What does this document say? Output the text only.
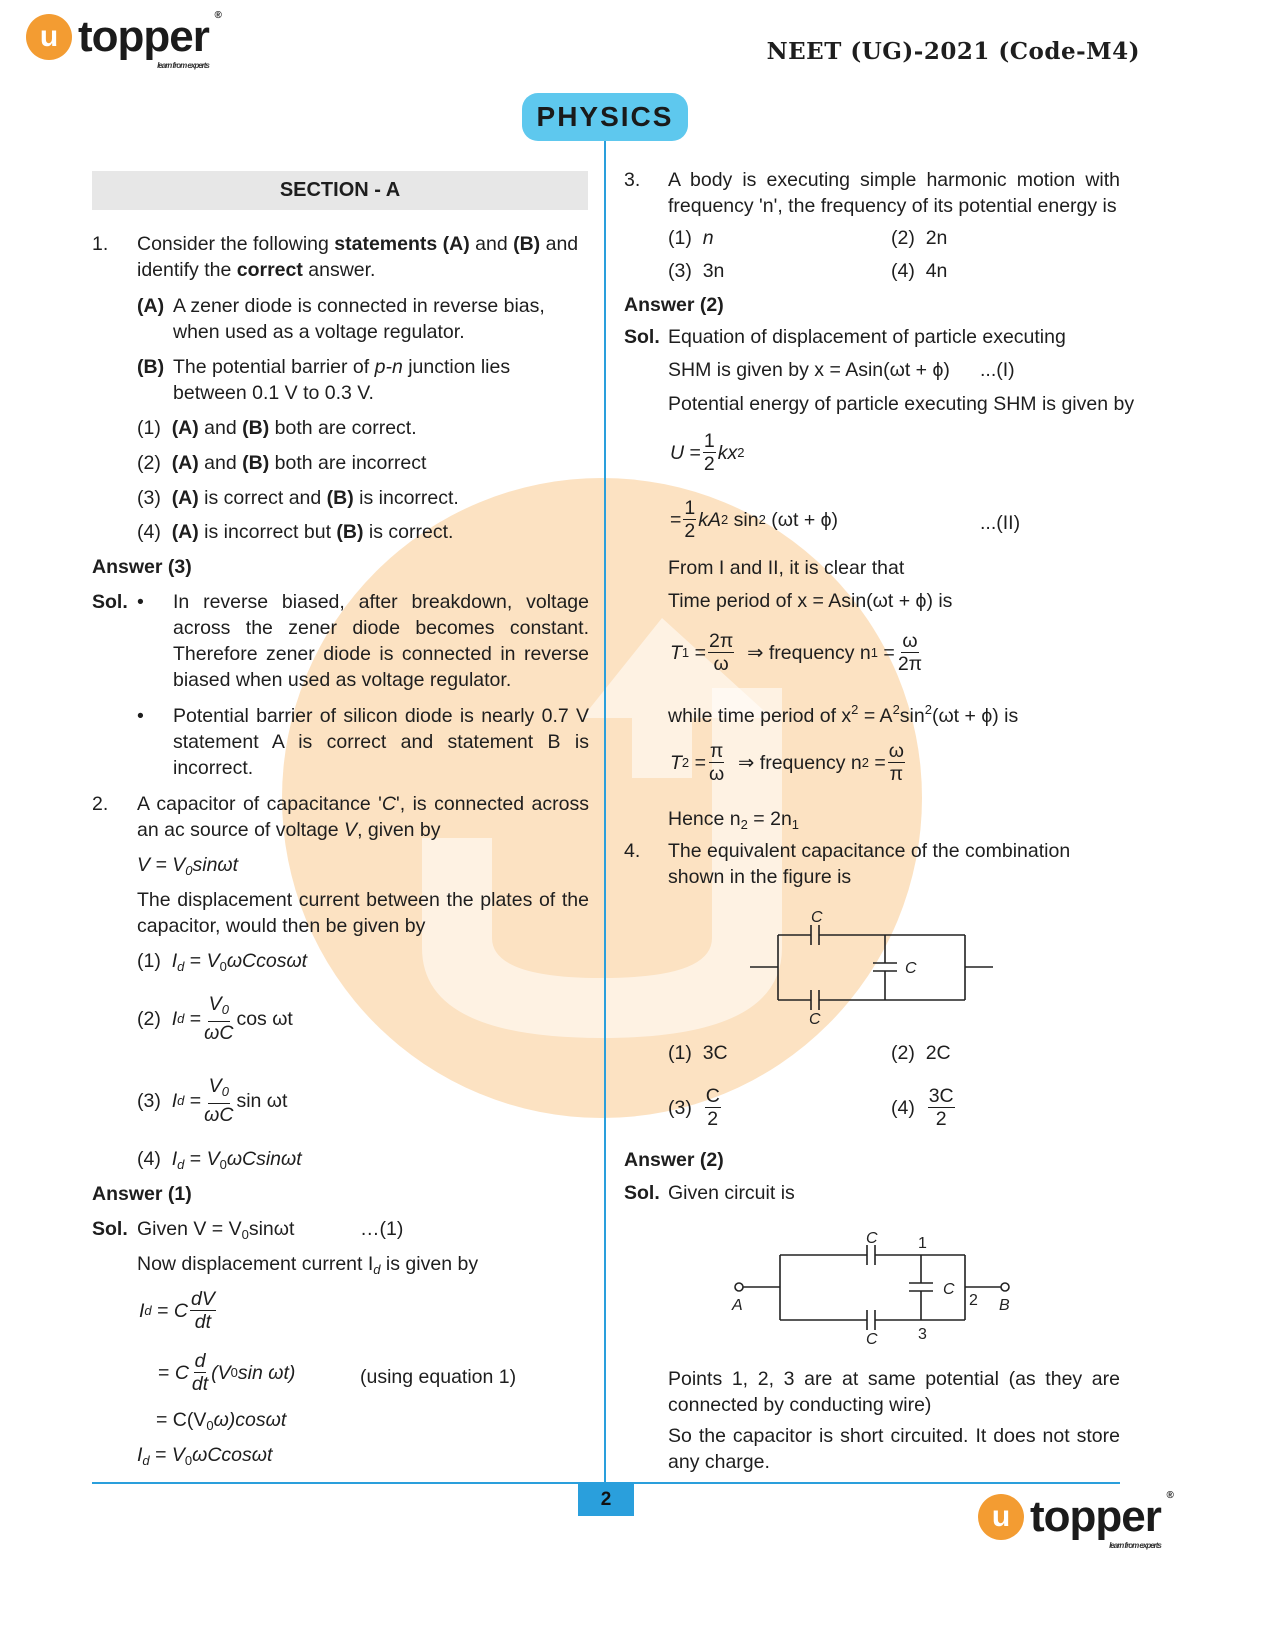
u topper ®
learn from experts
NEET (UG)-2021 (Code-M4)
PHYSICS
SECTION - A
1. Consider the following statements (A) and (B) and identify the correct answer.
(A) A zener diode is connected in reverse bias, when used as a voltage regulator.
(B) The potential barrier of p-n junction lies between 0.1 V to 0.3 V.
(1) (A) and (B) both are correct.
(2) (A) and (B) both are incorrect
(3) (A) is correct and (B) is incorrect.
(4) (A) is incorrect but (B) is correct.
Answer (3)
Sol. • In reverse biased, after breakdown, voltage across the zener diode becomes constant. Therefore zener diode is connected in reverse biased when used as voltage regulator.
• Potential barrier of silicon diode is nearly 0.7 V statement A is correct and statement B is incorrect.
2. A capacitor of capacitance 'C', is connected across an ac source of voltage V, given by
$V = V_0\sin\omega t$
The displacement current between the plates of the capacitor, would then be given by
(1) $I_d = V_0\omega Ccos\omega t$
(2)
I d
= $\frac{V_0}{\omega C}$ cos ωt
(3)
I d
= $\frac{V_0}{\omega C}$ sin ωt
(4) $I_d = V_0\omega Csin\omega t$
Answer (1)
Sol. Given $V = V_0\sin\omega t$	…(1)
Now displacement current $I_d$ is given by
I d
=
C $\frac{dV}{dt}$
=
C $\frac{d}{dt} (V$ 0 sin ωt)	(using equation 1)
= $C(V_0\omega)\cos\omega t$
$I_d = V_0\omega Ccos\omega t$
3. A body is executing simple harmonic motion with frequency 'n', the frequency of its potential energy is
(1) n	(2) 2n
(3) 3n	(4) 4n
Answer (2)
Sol. Equation of displacement of particle executing
SHM is given by x = Asin(ωt + ϕ) ...(I)
Potential energy of particle executing SHM is given by
$U = \frac{1}{2}$ kx 2
= $\frac{1}{2}$ kA 2
sin 2
(ωt + ϕ)	...(II)
From I and II, it is clear that
Time period of x = Asin(ωt + ϕ) is
T $1 = \frac{2\pi}{\omega}$
⇒ frequency n $1 = \frac{\omega}{2\pi}$
while time period of $x^2 = A^2\sin^2(\omega t + \phi)$ is
T $2 = \frac{\pi}{\omega}$
⇒ frequency n $2 = \frac{\omega}{\pi}$
Hence $n_2 = 2n_1$
4. The equivalent capacitance of the combination shown in the figure is
C
C
C
(1) 3C	(2) 2C
(3)
$\frac{C}{2}$	(4)
$\frac{3C}{2}$
Answer (2)
Sol. Given circuit is
C
C
C
A	B
1
2
3
Points 1, 2, 3 are at same potential (as they are connected by conducting wire)
So the capacitor is short circuited. It does not store any charge.
2
u topper ®
learn from experts
